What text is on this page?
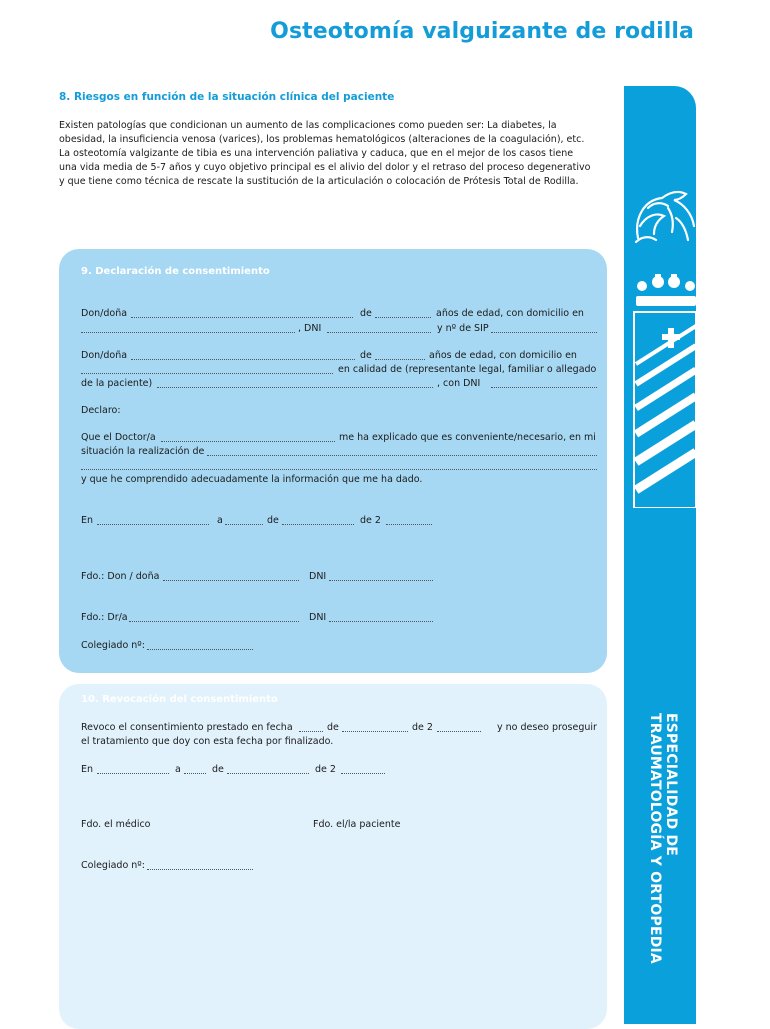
Osteotomía valguizante de rodilla
ESPECIALIDAD DE
TRAUMATOLOGÍA Y ORTOPEDIA
8. Riesgos en función de la situación clínica del paciente

Existen patologías que condicionan un aumento de las complicaciones como pueden ser: La diabetes, la
obesidad, la insuficiencia venosa (varices), los problemas hematológicos (alteraciones de la coagulación), etc.
La osteotomía valgizante de tibia es una intervención paliativa y caduca, que en el mejor de los casos tiene
una vida media de 5-7 años y cuyo objetivo principal es el alivio del dolor y el retraso del proceso degenerativo
y que tiene como técnica de rescate la sustitución de la articulación o colocación de Prótesis Total de Rodilla.

9. Declaración de consentimiento
Don/doña	de	años de edad, con domicilio en
, DNI	y nº de SIP
Don/doña	de	años de edad, con domicilio en
en calidad de (representante legal, familiar o allegado
de la paciente)	, con DNI
Declaro:
Que el Doctor/a	me ha explicado que es conveniente/necesario, en mi
situación la realización de
y que he comprendido adecuadamente la información que me ha dado.
En	a	de	de 2
Fdo.: Don / doña	DNI
Fdo.: Dr/a	DNI
Colegiado nº:
10. Revocación del consentimiento
Revoco el consentimiento prestado en fecha	de	de 2	y no deseo proseguir
el tratamiento que doy con esta fecha por finalizado.
En	a	de	de 2
Fdo. el médico	Fdo. el/la paciente
Colegiado nº:
